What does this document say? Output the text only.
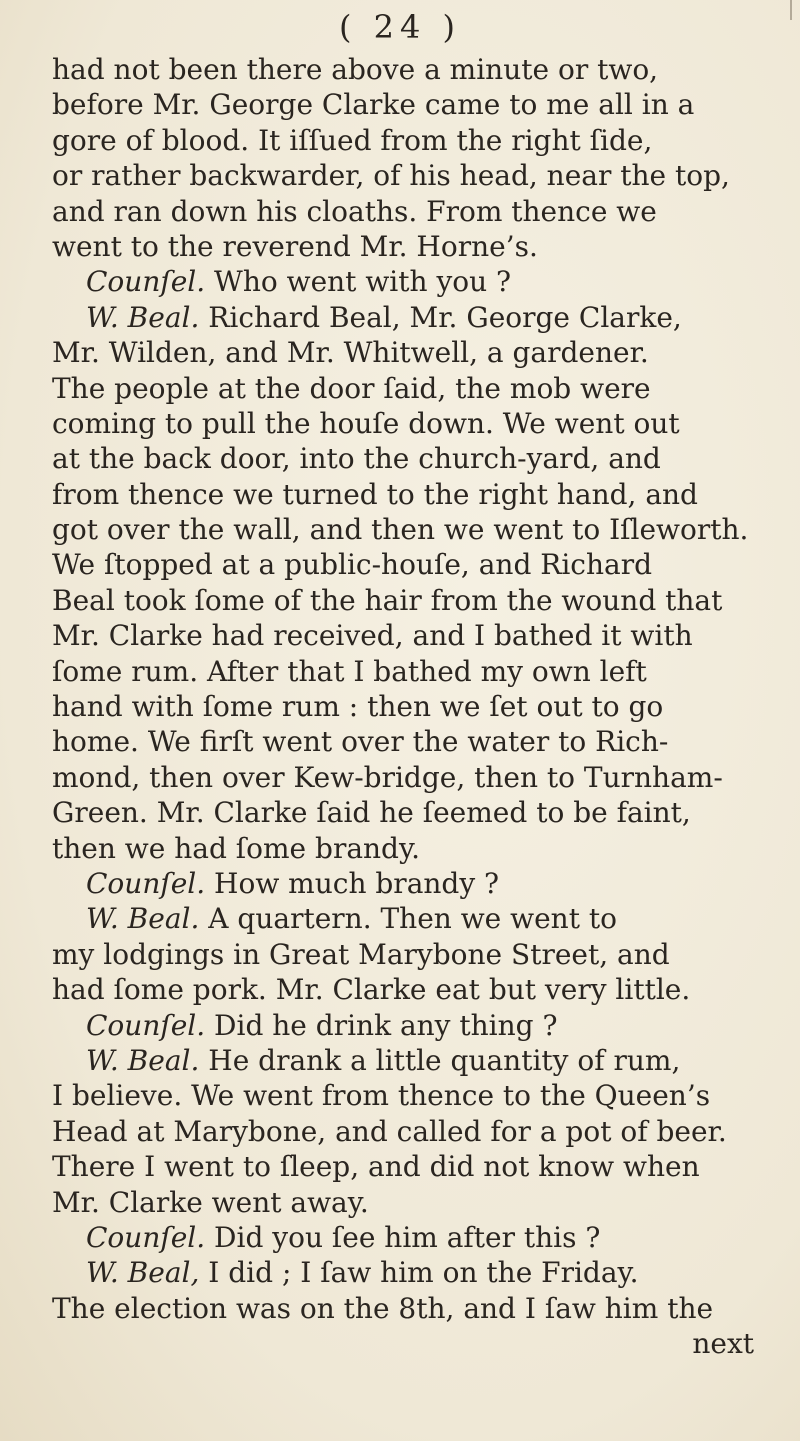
( 24 )
had not been there above a minute or two,
before Mr. George Clarke came to me all in a
gore of blood. It iſſued from the right ſide,
or rather backwarder, of his head, near the top,
and ran down his cloaths. From thence we
went to the reverend Mr. Horne’s.
Counſel. Who went with you ?
W. Beal. Richard Beal, Mr. George Clarke,
Mr. Wilden, and Mr. Whitwell, a gardener.
The people at the door ſaid, the mob were
coming to pull the houſe down. We went out
at the back door, into the church-yard, and
from thence we turned to the right hand, and
got over the wall, and then we went to Iſleworth.
We ſtopped at a public-houſe, and Richard
Beal took ſome of the hair from the wound that
Mr. Clarke had received, and I bathed it with
ſome rum. After that I bathed my own left
hand with ſome rum : then we ſet out to go
home. We firſt went over the water to Rich-
mond, then over Kew-bridge, then to Turnham-
Green. Mr. Clarke ſaid he ſeemed to be faint,
then we had ſome brandy.
Counſel. How much brandy ?
W. Beal. A quartern. Then we went to
my lodgings in Great Marybone Street, and
had ſome pork. Mr. Clarke eat but very little.
Counſel. Did he drink any thing ?
W. Beal. He drank a little quantity of rum,
I believe. We went from thence to the Queen’s
Head at Marybone, and called for a pot of beer.
There I went to ſleep, and did not know when
Mr. Clarke went away.
Counſel. Did you ſee him after this ?
W. Beal, I did ; I ſaw him on the Friday.
The election was on the 8th, and I ſaw him the
next
